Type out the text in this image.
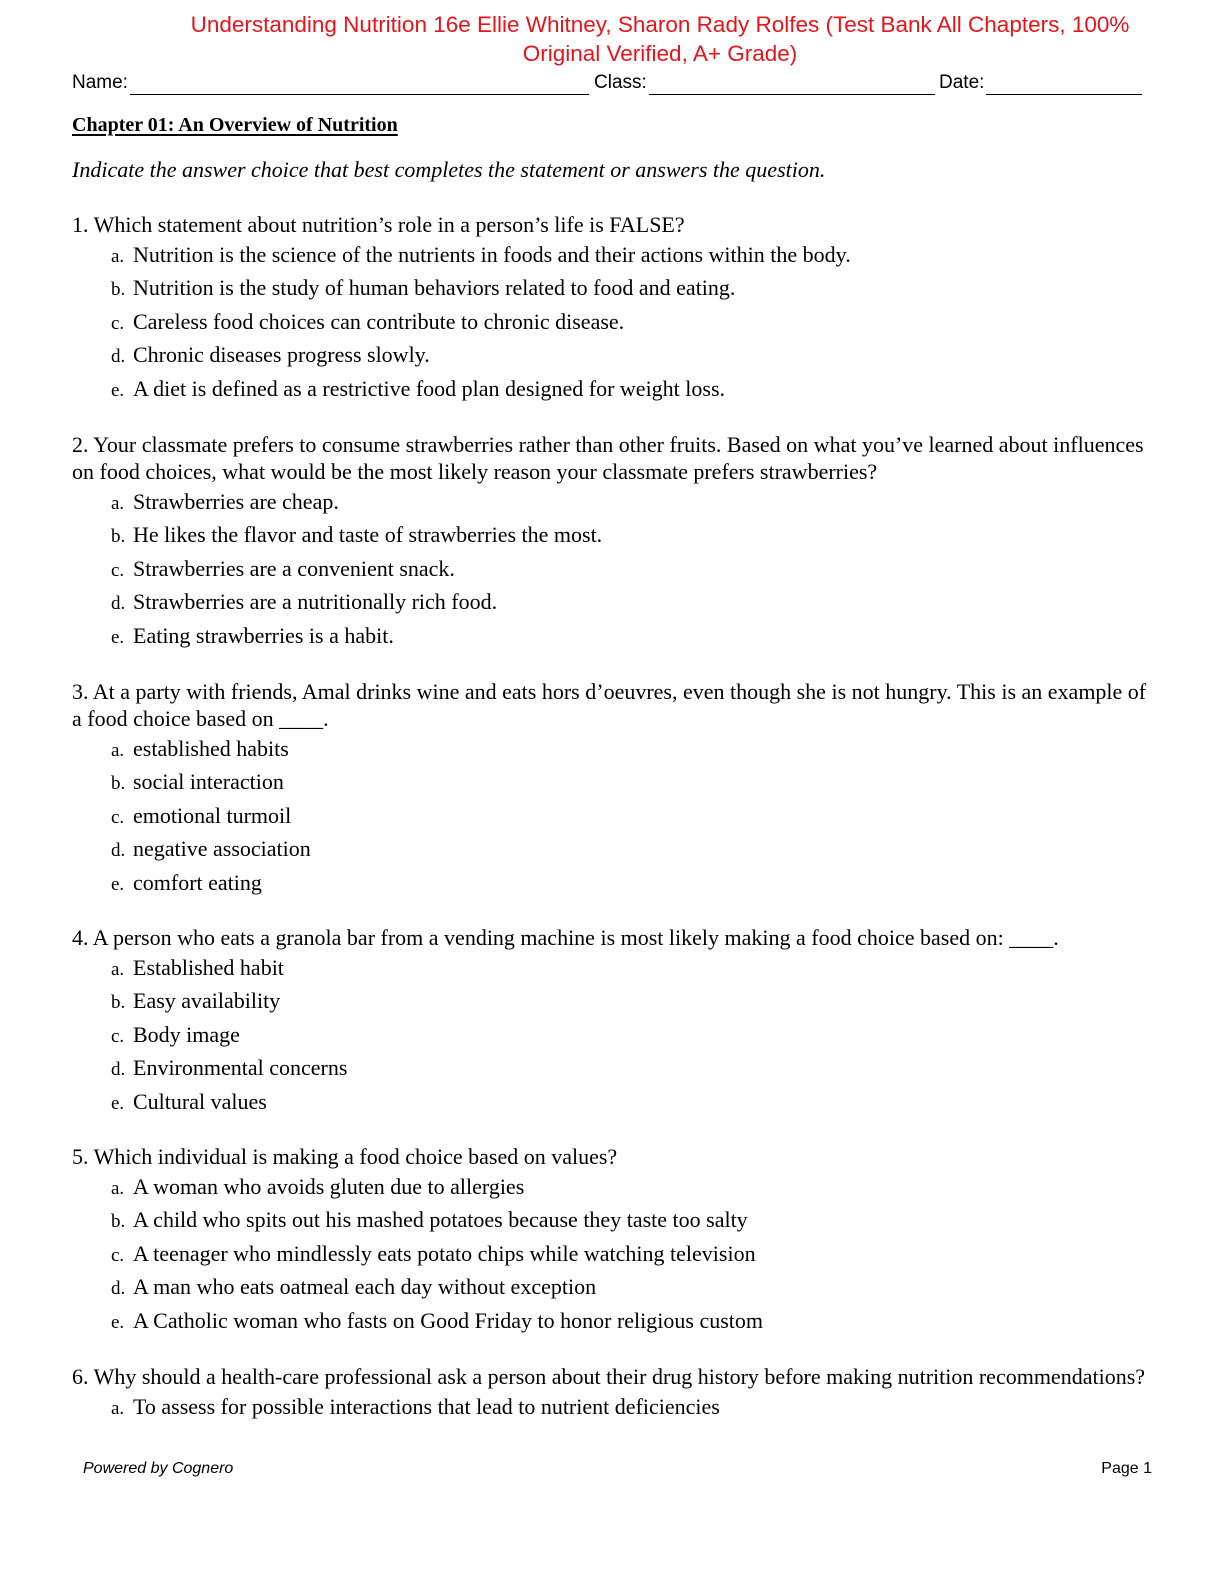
Understanding Nutrition 16e Ellie Whitney, Sharon Rady Rolfes (Test Bank All Chapters, 100%
Original Verified, A+ Grade)
Name:	Class:	Date:
Chapter 01: An Overview of Nutrition
Indicate the answer choice that best completes the statement or answers the question.
1. Which statement about nutrition’s role in a person’s life is FALSE?
a. Nutrition is the science of the nutrients in foods and their actions within the body.
b. Nutrition is the study of human behaviors related to food and eating.
c. Careless food choices can contribute to chronic disease.
d. Chronic diseases progress slowly.
e. A diet is defined as a restrictive food plan designed for weight loss.
2. Your classmate prefers to consume strawberries rather than other fruits. Based on what you’ve learned about influences on food choices, what would be the most likely reason your classmate prefers strawberries?
a. Strawberries are cheap.
b. He likes the flavor and taste of strawberries the most.
c. Strawberries are a convenient snack.
d. Strawberries are a nutritionally rich food.
e. Eating strawberries is a habit.
3. At a party with friends, Amal drinks wine and eats hors d’oeuvres, even though she is not hungry. This is an example of a food choice based on ____.
a. established habits
b. social interaction
c. emotional turmoil
d. negative association
e. comfort eating
4. A person who eats a granola bar from a vending machine is most likely making a food choice based on: ____.
a. Established habit
b. Easy availability
c. Body image
d. Environmental concerns
e. Cultural values
5. Which individual is making a food choice based on values?
a. A woman who avoids gluten due to allergies
b. A child who spits out his mashed potatoes because they taste too salty
c. A teenager who mindlessly eats potato chips while watching television
d. A man who eats oatmeal each day without exception
e. A Catholic woman who fasts on Good Friday to honor religious custom
6. Why should a health-care professional ask a person about their drug history before making nutrition recommendations?
a. To assess for possible interactions that lead to nutrient deficiencies
Powered by Cognero	Page 1
